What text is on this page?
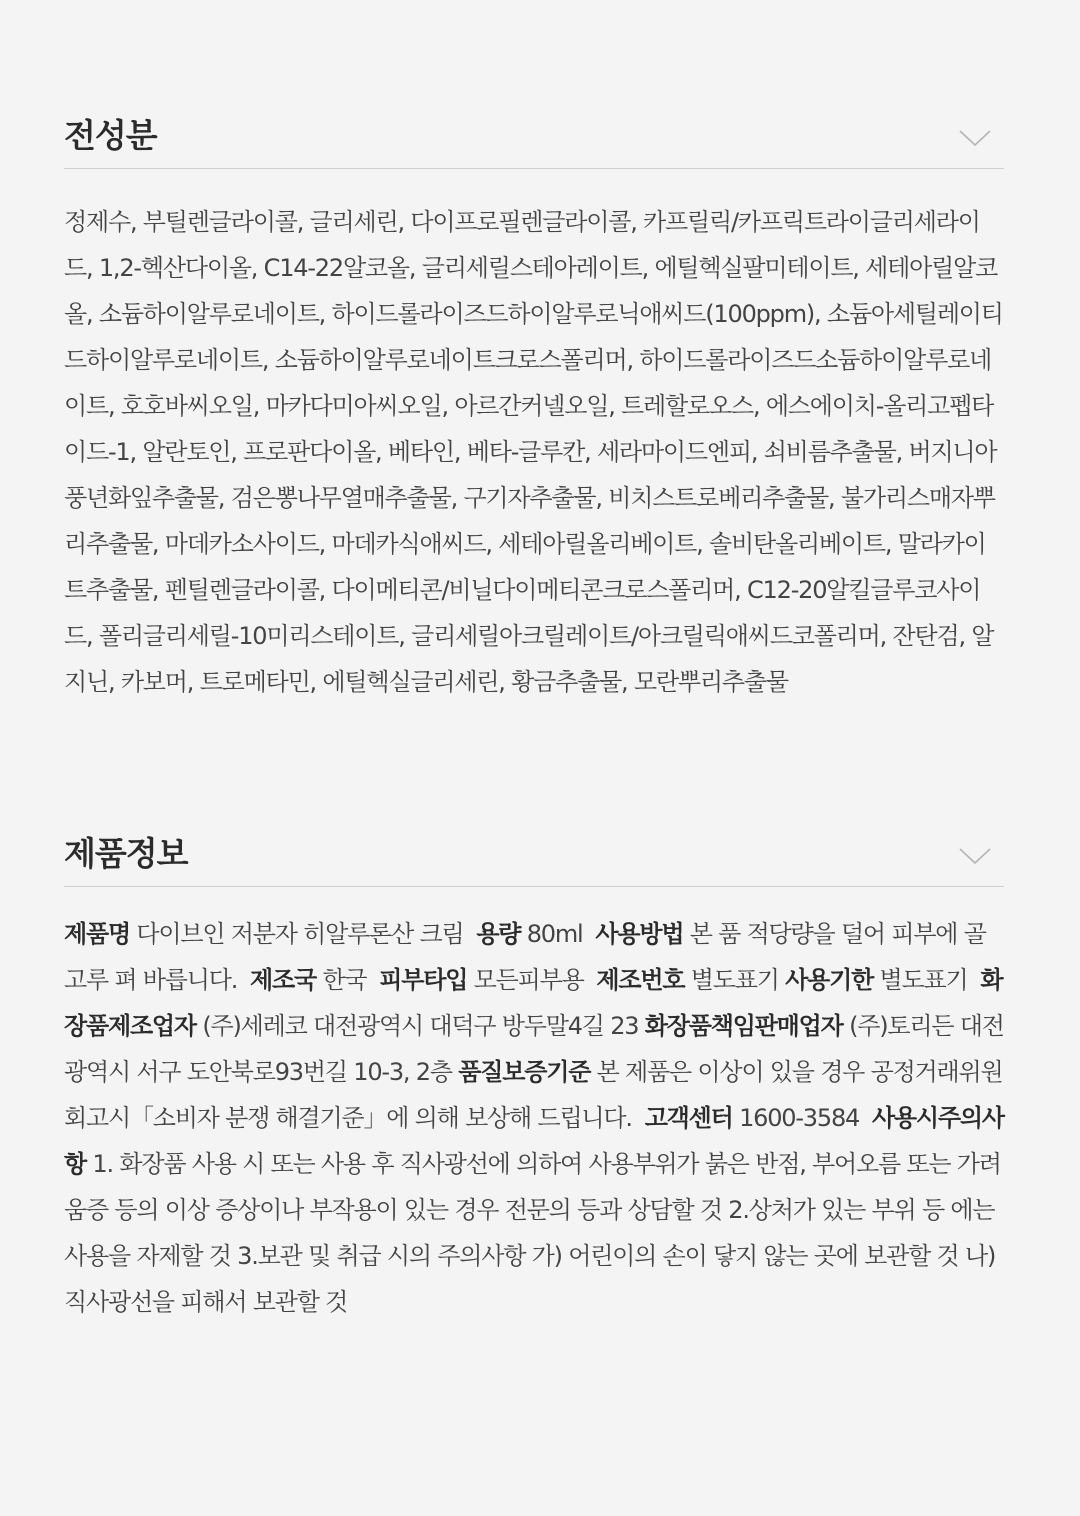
전성분

정제수, 부틸렌글라이콜, 글리세린, 다이프로필렌글라이콜, 카프릴릭/카프릭트라이글리세라이드, 1,2-헥산다이올, C14-22알코올, 글리세릴스테아레이트, 에틸헥실팔미테이트, 세테아릴알코올, 소듐하이알루로네이트, 하이드롤라이즈드하이알루로닉애씨드(100ppm), 소듐아세틸레이티드하이알루로네이트, 소듐하이알루로네이트크로스폴리머, 하이드롤라이즈드소듐하이알루로네이트, 호호바씨오일, 마카다미아씨오일, 아르간커넬오일, 트레할로오스, 에스에이치-올리고펩타이드-1, 알란토인, 프로판다이올, 베타인, 베타-글루칸, 세라마이드엔피, 쇠비름추출물, 버지니아풍년화잎추출물, 검은뽕나무열매추출물, 구기자추출물, 비치스트로베리추출물, 불가리스매자뿌리추출물, 마데카소사이드, 마데카식애씨드, 세테아릴올리베이트, 솔비탄올리베이트, 말라카이트추출물, 펜틸렌글라이콜, 다이메티콘/비닐다이메티콘크로스폴리머, C12-20알킬글루코사이드, 폴리글리세릴-10미리스테이트, 글리세릴아크릴레이트/아크릴릭애씨드코폴리머, 잔탄검, 알지닌, 카보머, 트로메타민, 에틸헥실글리세린, 황금추출물, 모란뿌리추출물

제품정보

제품명 다이브인 저분자 히알루론산 크림 용량 80ml 사용방법 본 품 적당량을 덜어 피부에 골고루 펴 바릅니다. 제조국 한국 피부타입 모든피부용 제조번호 별도표기 사용기한 별도표기 화장품제조업자 (주)세레코 대전광역시 대덕구 방두말4길 23 화장품책임판매업자 (주)토리든 대전광역시 서구 도안북로93번길 10-3, 2층 품질보증기준 본 제품은 이상이 있을 경우 공정거래위원회고시「소비자 분쟁 해결기준」에 의해 보상해 드립니다. 고객센터 1600-3584 사용시주의사항 1. 화장품 사용 시 또는 사용 후 직사광선에 의하여 사용부위가 붉은 반점, 부어오름 또는 가려움증 등의 이상 증상이나 부작용이 있는 경우 전문의 등과 상담할 것 2.상처가 있는 부위 등 에는 사용을 자제할 것 3.보관 및 취급 시의 주의사항 가) 어린이의 손이 닿지 않는 곳에 보관할 것 나) 직사광선을 피해서 보관할 것
